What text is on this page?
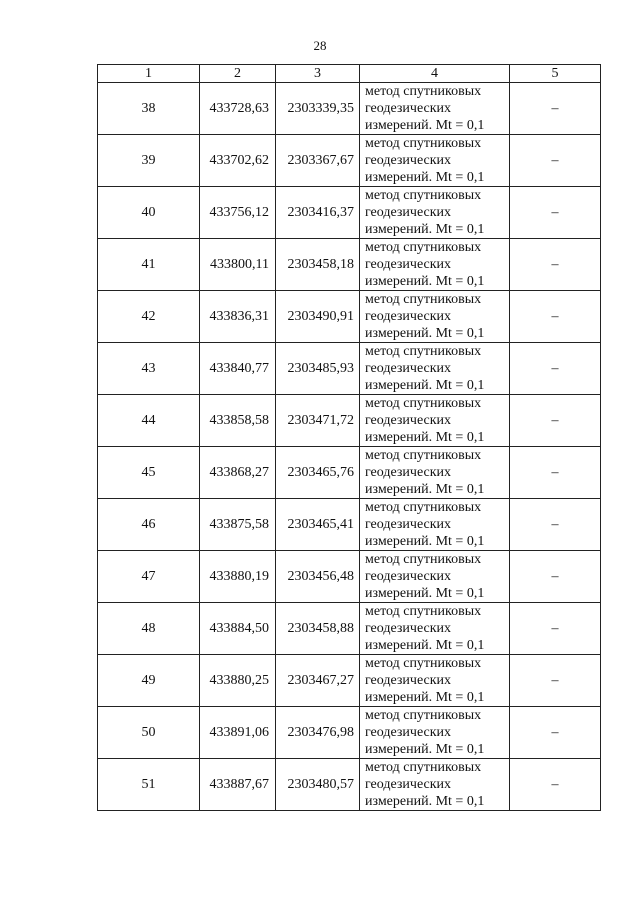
28
1	2	3	4	5
38	433728,63	2303339,35	метод спутниковых
геодезических
измерений. Mt = 0,1	–
39	433702,62	2303367,67	метод спутниковых
геодезических
измерений. Mt = 0,1	–
40	433756,12	2303416,37	метод спутниковых
геодезических
измерений. Mt = 0,1	–
41	433800,11	2303458,18	метод спутниковых
геодезических
измерений. Mt = 0,1	–
42	433836,31	2303490,91	метод спутниковых
геодезических
измерений. Mt = 0,1	–
43	433840,77	2303485,93	метод спутниковых
геодезических
измерений. Mt = 0,1	–
44	433858,58	2303471,72	метод спутниковых
геодезических
измерений. Mt = 0,1	–
45	433868,27	2303465,76	метод спутниковых
геодезических
измерений. Mt = 0,1	–
46	433875,58	2303465,41	метод спутниковых
геодезических
измерений. Mt = 0,1	–
47	433880,19	2303456,48	метод спутниковых
геодезических
измерений. Mt = 0,1	–
48	433884,50	2303458,88	метод спутниковых
геодезических
измерений. Mt = 0,1	–
49	433880,25	2303467,27	метод спутниковых
геодезических
измерений. Mt = 0,1	–
50	433891,06	2303476,98	метод спутниковых
геодезических
измерений. Mt = 0,1	–
51	433887,67	2303480,57	метод спутниковых
геодезических
измерений. Mt = 0,1	–
